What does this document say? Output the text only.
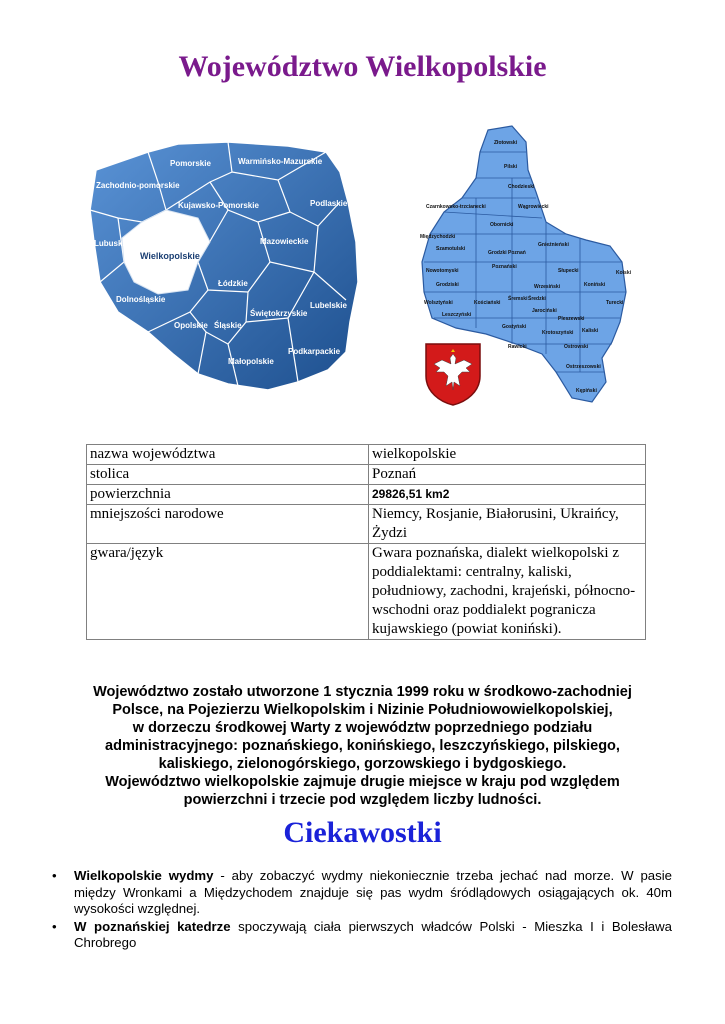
Województwo Wielkopolskie
Wielkopolskie
Pomorskie	Warmińsko-Mazurskie
Zachodnio-pomorskie
Kujawsko-Pomorskie	Podlaskie
Lubuskie	Mazowieckie
Łódzkie
Dolnośląskie
Opolskie Śląskie
Świętokrzyskie
Lubelskie
Małopolskie
Podkarpackie
Złotowski
Pilski
Chodzieski
Czarnkowsko-trzcianecki	Wągrowiecki
Obornicki
Międzychodzki
Szamotulski
Gnieźnieński
Grodzki Poznań
Poznański
Słupecki
Koniński
Kolski
Nowotomyski
Grodziski	Wrzesiński
Średzki
Turecki
Wolsztyński	Kościański
Śremski
Jarociński
Pleszewski
Leszczyński
Gostyński
Kaliski
Krotoszyński
Rawicki	Ostrowski
Ostrzeszowski
Kępiński
nazwa województwa	wielkopolskie
stolica	Poznań
powierzchnia	29826,51 km2
mniejszości narodowe	Niemcy, Rosjanie, Białorusini, Ukraińcy, Żydzi
gwara/język	Gwara poznańska, dialekt wielkopolski z poddialektami: centralny, kaliski, południowy, zachodni, krajeński, północno-wschodni oraz poddialekt pogranicza kujawskiego (powiat koniński).
Województwo zostało utworzone 1 stycznia 1999 roku w środkowo-zachodniej
Polsce, na Pojezierzu Wielkopolskim i Nizinie Południowowielkopolskiej,
w dorzeczu środkowej Warty z województw poprzedniego podziału
administracyjnego: poznańskiego, konińskiego, leszczyńskiego, pilskiego,
kaliskiego, zielonogórskiego, gorzowskiego i bydgoskiego.
Województwo wielkopolskie zajmuje drugie miejsce w kraju pod względem
powierzchni i trzecie pod względem liczby ludności.
Ciekawostki
• Wielkopolskie wydmy - aby zobaczyć wydmy niekoniecznie trzeba jechać nad morze. W pasie między Wronkami a Międzychodem znajduje się pas wydm śródlądowych osiągających ok. 40m wysokości względnej.
• W poznańskiej katedrze spoczywają ciała pierwszych władców Polski - Mieszka I i Bolesława Chrobrego
